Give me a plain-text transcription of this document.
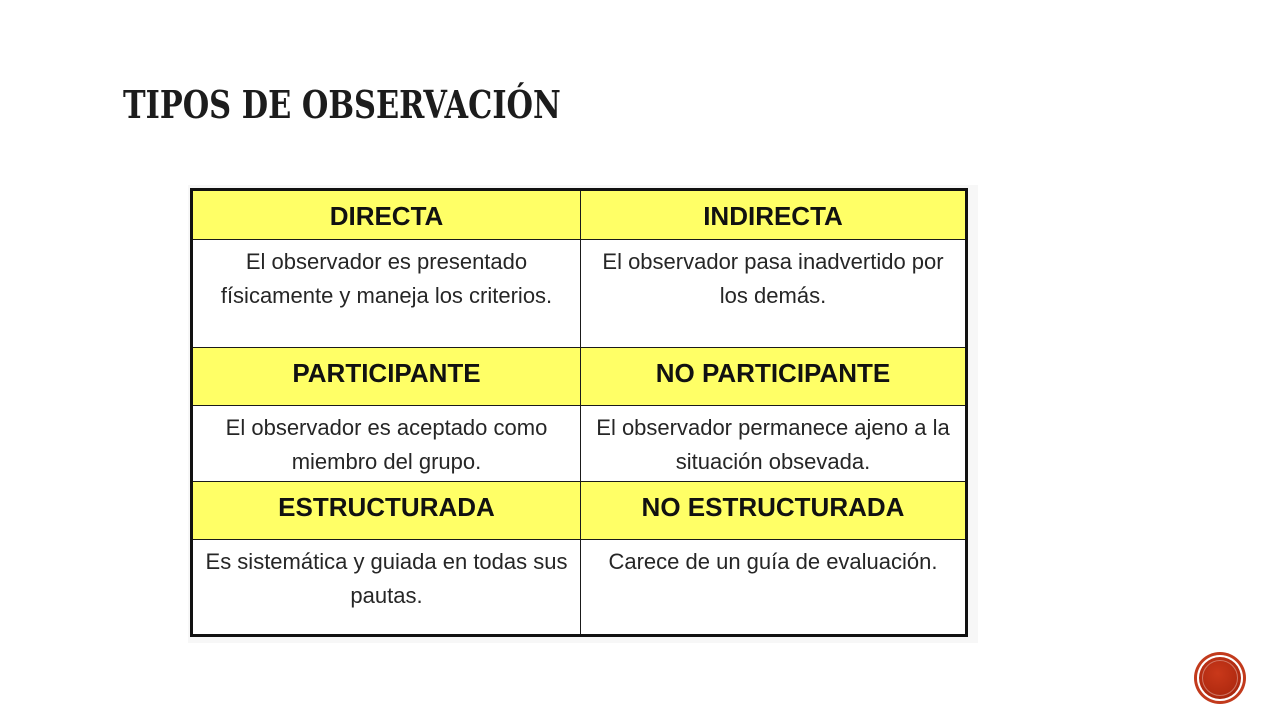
TIPOS DE OBSERVACIÓN
DIRECTA	INDIRECTA
El observador es presentado físicamente y maneja los criterios.	El observador pasa inadvertido por los demás.
PARTICIPANTE	NO PARTICIPANTE
El observador es aceptado como miembro del grupo.	El observador permanece ajeno a la situación obsevada.
ESTRUCTURADA	NO ESTRUCTURADA
Es sistemática y guiada en todas sus pautas.	Carece de un guía de evaluación.
